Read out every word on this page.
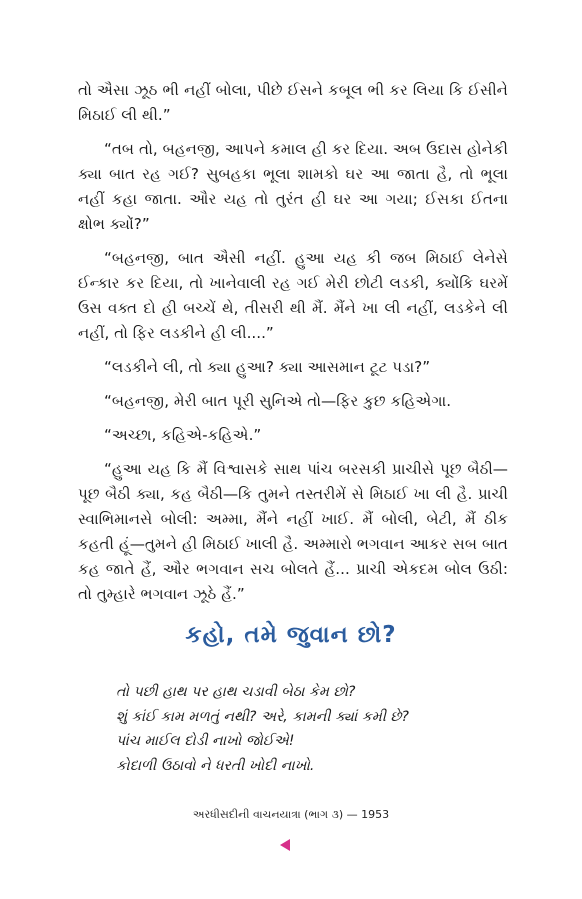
તો ઐસા ઝૂઠ ભી નહીં બોલા, પીછે ઈસને કબૂલ ભી કર લિયા કિ ઈસીને મિઠાઈ લી થી.”

“તબ તો, બહનજી, આપને કમાલ હી કર દિયા. અબ ઉદાસ હોનેકી ક્યા બાત રહ ગઈ? સુબહકા ભૂલા શામકો ઘર આ જાતા હૈ, તો ભૂલા નહીં કહા જાતા. ઔર યહ તો તુરંત હી ઘર આ ગયા; ઈસકા ઈતના ક્ષોભ ક્યોં?”

“બહનજી, બાત ઐસી નહીં. હુઆ યહ કી જબ મિઠાઈ લેનેસે ઈન્કાર કર દિયા, તો ખાનેવાલી રહ ગઈ મેરી છોટી લડકી, ક્યોંકિ ઘરમેં ઉસ વક્ત દો હી બચ્ચેં થે, તીસરી થી મૈં. મૈંને ખા લી નહીં, લડકેને લી નહીં, તો ફિર લડકીને હી લી....”

“લડકીને લી, તો ક્યા હુઆ? ક્યા આસમાન ટૂટ પડા?”

“બહનજી, મેરી બાત પૂરી સુનિએ તો—ફિર કુછ કહિએગા.

“અચ્છા, કહિએ-કહિએ.”

“હુઆ યહ કિ મૈં વિશ્વાસકે સાથ પાંચ બરસકી પ્રાચીસે પૂછ બૈઠી—પૂછ બૈઠી ક્યા, કહ બૈઠી—કિ તુમને તસ્તરીમેં સે મિઠાઈ ખા લી હૈ. પ્રાચી સ્વાભિમાનસે બોલી: અમ્મા, મૈંને નહીં ખાઈ. મૈં બોલી, બેટી, મૈં ઠીક કહતી હૂં—તુમને હી મિઠાઈ ખાલી હૈ. અમ્મારો ભગવાન આકર સબ બાત કહ જાતે હૈં, ઔર ભગવાન સચ બોલતે હૈં... પ્રાચી એકદમ બોલ ઉઠી: તો તુમ્હારે ભગવાન ઝૂઠે હૈં.”

કહો, તમે જુવાન છો?
તો પછી હાથ પર હાથ ચડાવી બેઠા કેમ છો?
શું કાંઈ કામ મળતું નથી? અરે, કામની ક્યાં કમી છે?
પાંચ માઈલ દોડી નાખો જોઈએ!
કોદાળી ઉઠાવો ને ધરતી ખોદી નાખો.
અરધીસદીની વાચનયાત્રા (ભાગ ૩) — 1953
